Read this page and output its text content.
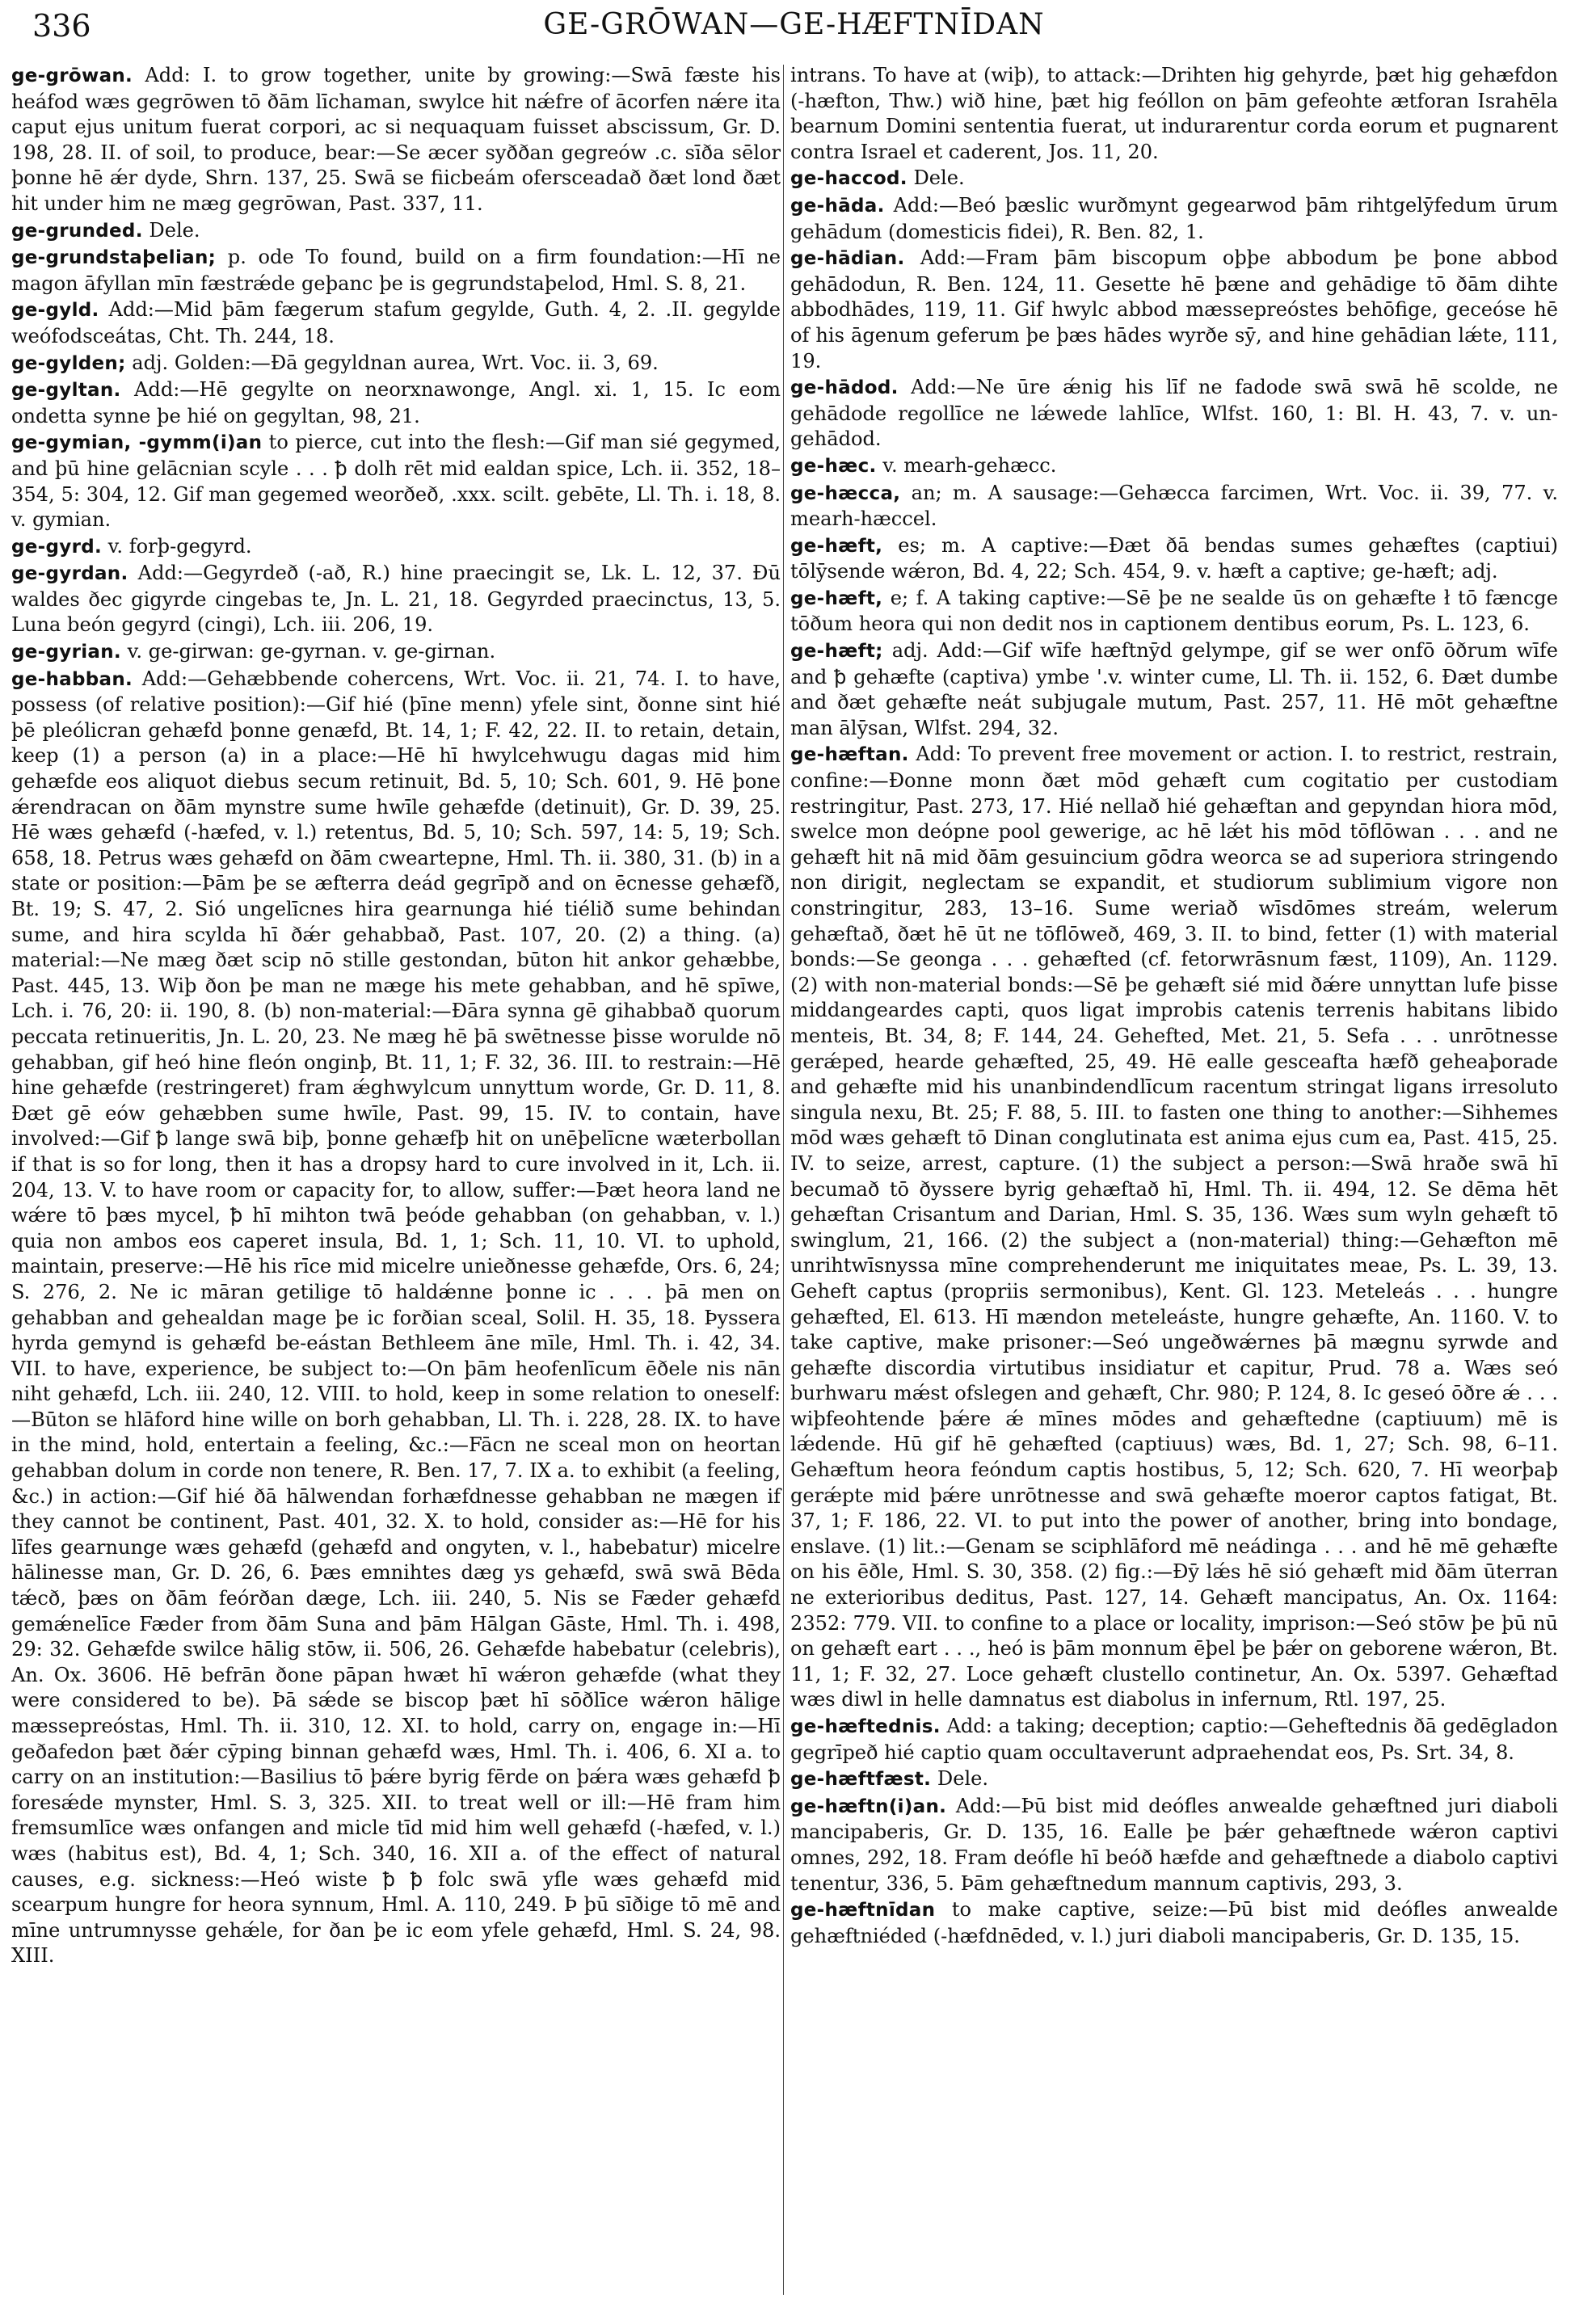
336	GE-GRŌWAN—GE-HÆFTNĪDAN
ge-grōwan. Add: I. to grow together, unite by growing:—Swā fæste his heáfod wæs gegrōwen tō ðām līchaman, swylce hit nǽfre of ācorfen nǽre ita caput ejus unitum fuerat corpori, ac si nequaquam fuisset abscissum, Gr. D. 198, 28. II. of soil, to produce, bear:—Se æcer syððan gegreów .c. sīða sēlor þonne hē ǽr dyde, Shrn. 137, 25. Swā se fiicbeám ofersceadað ðæt lond ðæt hit under him ne mæg gegrōwan, Past. 337, 11.
ge-grunded. Dele.
ge-grundstaþelian; p. ode To found, build on a firm foundation:—Hī ne magon āfyllan mīn fæstrǽde geþanc þe is gegrundstaþelod, Hml. S. 8, 21.
ge-gyld. Add:—Mid þām fægerum stafum gegylde, Guth. 4, 2. .II. gegylde weófodsceátas, Cht. Th. 244, 18.
ge-gylden; adj. Golden:—Ðā gegyldnan aurea, Wrt. Voc. ii. 3, 69.
ge-gyltan. Add:—Hē gegylte on neorxnawonge, Angl. xi. 1, 15. Ic eom ondetta synne þe hié on gegyltan, 98, 21.
ge-gymian, -gymm(i)an to pierce, cut into the flesh:—Gif man sié gegymed, and þū hine gelācnian scyle . . . ꝥ dolh rēt mid ealdan spice, Lch. ii. 352, 18–354, 5: 304, 12. Gif man gegemed weorðeð, .xxx. scilt. gebēte, Ll. Th. i. 18, 8. v. gymian.
ge-gyrd. v. forþ-gegyrd.
ge-gyrdan. Add:—Gegyrdeð (-að, R.) hine praecingit se, Lk. L. 12, 37. Ðū waldes ðec gigyrde cingebas te, Jn. L. 21, 18. Gegyrded praecinctus, 13, 5. Luna beón gegyrd (cingi), Lch. iii. 206, 19.
ge-gyrian. v. ge-girwan: ge-gyrnan. v. ge-girnan.
ge-habban. Add:—Gehæbbende cohercens, Wrt. Voc. ii. 21, 74. I. to have, possess (of relative position):—Gif hié (þīne menn) yfele sint, ðonne sint hié þē pleólicran gehæfd þonne genæfd, Bt. 14, 1; F. 42, 22. II. to retain, detain, keep (1) a person (a) in a place:—Hē hī hwylcehwugu dagas mid him gehæfde eos aliquot diebus secum retinuit, Bd. 5, 10; Sch. 601, 9. Hē þone ǽrendracan on ðām mynstre sume hwīle gehæfde (detinuit), Gr. D. 39, 25. Hē wæs gehæfd (-hæfed, v. l.) retentus, Bd. 5, 10; Sch. 597, 14: 5, 19; Sch. 658, 18. Petrus wæs gehæfd on ðām cweartерne, Hml. Th. ii. 380, 31. (b) in a state or position:—Þām þe se æfterra deád gegrīpð and on ēcnesse gehæfð, Bt. 19; S. 47, 2. Sió ungelīcnes hira gearnunga hié tiélið sume behindan sume, and hira scylda hī ðǽr gehabbað, Past. 107, 20. (2) a thing. (a) material:—Ne mæg ðæt scip nō stille gestondan, būton hit ankor gehæbbe, Past. 445, 13. Wiþ ðon þe man ne mæge his mete gehabban, and hē spīwe, Lch. i. 76, 20: ii. 190, 8. (b) non-material:—Ðāra synna gē gihabbað quorum peccata retinueritis, Jn. L. 20, 23. Ne mæg hē þā swētnesse þisse worulde nō gehabban, gif heó hine fleón onginþ, Bt. 11, 1; F. 32, 36. III. to restrain:—Hē hine gehæfde (restringeret) fram ǽghwylcum unnyttum worde, Gr. D. 11, 8. Ðæt gē eów gehæbben sume hwīle, Past. 99, 15. IV. to contain, have involved:—Gif ꝥ lange swā biþ, þonne gehæfþ hit on unēþelīcne wæterbollan if that is so for long, then it has a dropsy hard to cure involved in it, Lch. ii. 204, 13. V. to have room or capacity for, to allow, suffer:—Þæt heora land ne wǽre tō þæs mycel, ꝥ hī mihton twā þeóde gehabban (on gehabban, v. l.) quia non ambos eos caperet insula, Bd. 1, 1; Sch. 11, 10. VI. to uphold, maintain, preserve:—Hē his rīce mid micelre unieðnesse gehæfde, Ors. 6, 24; S. 276, 2. Ne ic māran getilige tō haldǽnne þonne ic . . . þā men on gehabban and gehealdan mage þe ic forðian sceal, Solil. H. 35, 18. Þyssera hyrda gemynd is gehæfd be-eástan Bethleem āne mīle, Hml. Th. i. 42, 34. VII. to have, experience, be subject to:—On þām heofenlīcum ēðele nis nān niht gehæfd, Lch. iii. 240, 12. VIII. to hold, keep in some relation to oneself:—Būton se hlāford hine wille on borh gehabban, Ll. Th. i. 228, 28. IX. to have in the mind, hold, entertain a feeling, &c.:—Fācn ne sceal mon on heortan gehabban dolum in corde non tenere, R. Ben. 17, 7. IX a. to exhibit (a feeling, &c.) in action:—Gif hié ðā hālwendan forhæfdnesse gehabban ne mægen if they cannot be continent, Past. 401, 32. X. to hold, consider as:—Hē for his līfes gearnunge wæs gehæfd (gehæfd and ongyten, v. l., habebatur) micelre hālinesse man, Gr. D. 26, 6. Þæs emnihtes dæg ys gehæfd, swā swā Bēda tǽcð, þæs on ðām feórðan dæge, Lch. iii. 240, 5. Nis se Fæder gehæfd gemǽnelīce Fæder from ðām Suna and þām Hālgan Gāste, Hml. Th. i. 498, 29: 32. Gehæfde swilce hālig stōw, ii. 506, 26. Gehæfde habebatur (celebris), An. Ox. 3606. Hē befrān ðone pāpan hwæt hī wǽron gehæfde (what they were considered to be). Þā sǽde se biscop þæt hī sōðlīce wǽron hālige mæssepreóstas, Hml. Th. ii. 310, 12. XI. to hold, carry on, engage in:—Hī geðafedon þæt ðǽr cȳping binnan gehæfd wæs, Hml. Th. i. 406, 6. XI a. to carry on an institution:—Basilius tō þǽre byrig fērde on þǽra wæs gehæfd ꝥ foresǽde mynster, Hml. S. 3, 325. XII. to treat well or ill:—Hē fram him fremsumlīce wæs onfangen and micle tīd mid him well gehæfd (-hæfed, v. l.) wæs (habitus est), Bd. 4, 1; Sch. 340, 16. XII a. of the effect of natural causes, e.g. sickness:—Heó wiste ꝥ ꝥ folc swā yfle wæs gehæfd mid scearpum hungre for heora synnum, Hml. A. 110, 249. Þ þū sīðige tō mē and mīne untrumnysse gehǽle, for ðan þe ic eom yfele gehæfd, Hml. S. 24, 98. XIII.
intrans. To have at (wiþ), to attack:—Drihten hig gehyrde, þæt hig gehæfdon (-hæfton, Thw.) wið hine, þæt hig feóllon on þām gefeohte ætforan Israhēla bearnum Domini sententia fuerat, ut indurarentur corda eorum et pugnarent contra Israel et caderent, Jos. 11, 20.
ge-haccod. Dele.
ge-hāda. Add:—Beó þæslic wurðmynt gegearwod þām rihtgelȳfedum ūrum gehādum (domesticis fidei), R. Ben. 82, 1.
ge-hādian. Add:—Fram þām biscopum oþþe abbodum þe þone abbod gehādodun, R. Ben. 124, 11. Gesette hē þæne and gehādige tō ðām dihte abbodhādes, 119, 11. Gif hwylc abbod mæssepreóstes behōfige, geceóse hē of his āgenum geferum þe þæs hādes wyrðe sȳ, and hine gehādian lǽte, 111, 19.
ge-hādod. Add:—Ne ūre ǽnig his līf ne fadode swā swā hē scolde, ne gehādode regollīce ne lǽwede lahlīce, Wlfst. 160, 1: Bl. H. 43, 7. v. un-gehādod.
ge-hæc. v. mearh-gehæcc.
ge-hæcca, an; m. A sausage:—Gehæcca farcimen, Wrt. Voc. ii. 39, 77. v. mearh-hæccel.
ge-hæft, es; m. A captive:—Ðæt ðā bendas sumes gehæftes (captiui) tōlȳsende wǽron, Bd. 4, 22; Sch. 454, 9. v. hæft a captive; ge-hæft; adj.
ge-hæft, e; f. A taking captive:—Sē þe ne sealde ūs on gehæfte ł tō fæncge tōðum heora qui non dedit nos in captionem dentibus eorum, Ps. L. 123, 6.
ge-hæft; adj. Add:—Gif wīfe hæftnȳd gelympe, gif se wer onfō ōðrum wīfe and ꝥ gehæfte (captiva) ymbe '.v. winter cume, Ll. Th. ii. 152, 6. Ðæt dumbe and ðæt gehæfte neát subjugale mutum, Past. 257, 11. Hē mōt gehæftne man ālȳsan, Wlfst. 294, 32.
ge-hæftan. Add: To prevent free movement or action. I. to restrict, restrain, confine:—Ðonne monn ðæt mōd gehæft cum cogitatio per custodiam restringitur, Past. 273, 17. Hié nellað hié gehæftan and gepyndan hiora mōd, swelce mon deópne pool gewerige, ac hē lǽt his mōd tōflōwan . . . and ne gehæft hit nā mid ðām gesuincium gōdra weorca se ad superiora stringendo non dirigit, neglectam se expandit, et studiorum sublimium vigore non constringitur, 283, 13–16. Sume weriað wīsdōmes streám, welerum gehæftað, ðæt hē ūt ne tōflōweð, 469, 3. II. to bind, fetter (1) with material bonds:—Se geonga . . . gehæfted (cf. fetorwrāsnum fæst, 1109), An. 1129. (2) with non-material bonds:—Sē þe gehæft sié mid ðǽre unnyttan lufe þisse middangeardes capti, quos ligat improbis catenis terrenis habitans libido menteis, Bt. 34, 8; F. 144, 24. Gehefted, Met. 21, 5. Sefa . . . unrōtnesse gerǽped, hearde gehæfted, 25, 49. Hē ealle gesceafta hæfð geheaþorade and gehæfte mid his unanbindendlīcum racentum stringat ligans irresoluto singula nexu, Bt. 25; F. 88, 5. III. to fasten one thing to another:—Sihhemes mōd wæs gehæft tō Dinan conglutinata est anima ejus cum ea, Past. 415, 25. IV. to seize, arrest, capture. (1) the subject a person:—Swā hraðe swā hī becumað tō ðyssere byrig gehæftað hī, Hml. Th. ii. 494, 12. Se dēma hēt gehæftan Crisantum and Darian, Hml. S. 35, 136. Wæs sum wyln gehæft tō swinglum, 21, 166. (2) the subject a (non-material) thing:—Gehæfton mē unrihtwīsnyssa mīne comprehenderunt me iniquitates meae, Ps. L. 39, 13. Geheft captus (propriis sermonibus), Kent. Gl. 123. Meteleás . . . hungre gehæfted, El. 613. Hī mændon meteleáste, hungre gehæfte, An. 1160. V. to take captive, make prisoner:—Seó ungeðwǽrnes þā mægnu syrwde and gehæfte discordia virtutibus insidiatur et capitur, Prud. 78 a. Wæs seó burhwaru mǽst ofslegen and gehæft, Chr. 980; P. 124, 8. Ic geseó ōðre ǽ . . . wiþfeohtende þǽre ǽ mīnes mōdes and gehæftedne (captiuum) mē is lǽdende. Hū gif hē gehæfted (captiuus) wæs, Bd. 1, 27; Sch. 98, 6–11. Gehæftum heora feóndum captis hostibus, 5, 12; Sch. 620, 7. Hī weorþaþ gerǽpte mid þǽre unrōtnesse and swā gehæfte moeror captos fatigat, Bt. 37, 1; F. 186, 22. VI. to put into the power of another, bring into bondage, enslave. (1) lit.:—Genam se sciphlāford mē neádinga . . . and hē mē gehæfte on his ēðle, Hml. S. 30, 358. (2) fig.:—Ðȳ lǽs hē sió gehæft mid ðām ūterran ne exterioribus deditus, Past. 127, 14. Gehæft mancipatus, An. Ox. 1164: 2352: 779. VII. to confine to a place or locality, imprison:—Seó stōw þe þū nū on gehæft eart . . ., heó is þām monnum ēþel þe þǽr on geborene wǽron, Bt. 11, 1; F. 32, 27. Loce gehæft clustello continetur, An. Ox. 5397. Gehæftad wæs diwl in helle damnatus est diabolus in infernum, Rtl. 197, 25.
ge-hæftednis. Add: a taking; deception; captio:—Geheftednis ðā gedēgladon gegrīpeð hié captio quam occultaverunt adpraehendat eos, Ps. Srt. 34, 8.
ge-hæftfæst. Dele.
ge-hæftn(i)an. Add:—Þū bist mid deófles anwealde gehæftned juri diaboli mancipaberis, Gr. D. 135, 16. Ealle þe þǽr gehæftnede wǽron captivi omnes, 292, 18. Fram deófle hī beóð hæfde and gehæftnede a diabolo captivi tenentur, 336, 5. Þām gehæftnedum mannum captivis, 293, 3.
ge-hæftnīdan to make captive, seize:—Þū bist mid deófles anwealde gehæftniéded (-hæfdnēded, v. l.) juri diaboli mancipaberis, Gr. D. 135, 15.
